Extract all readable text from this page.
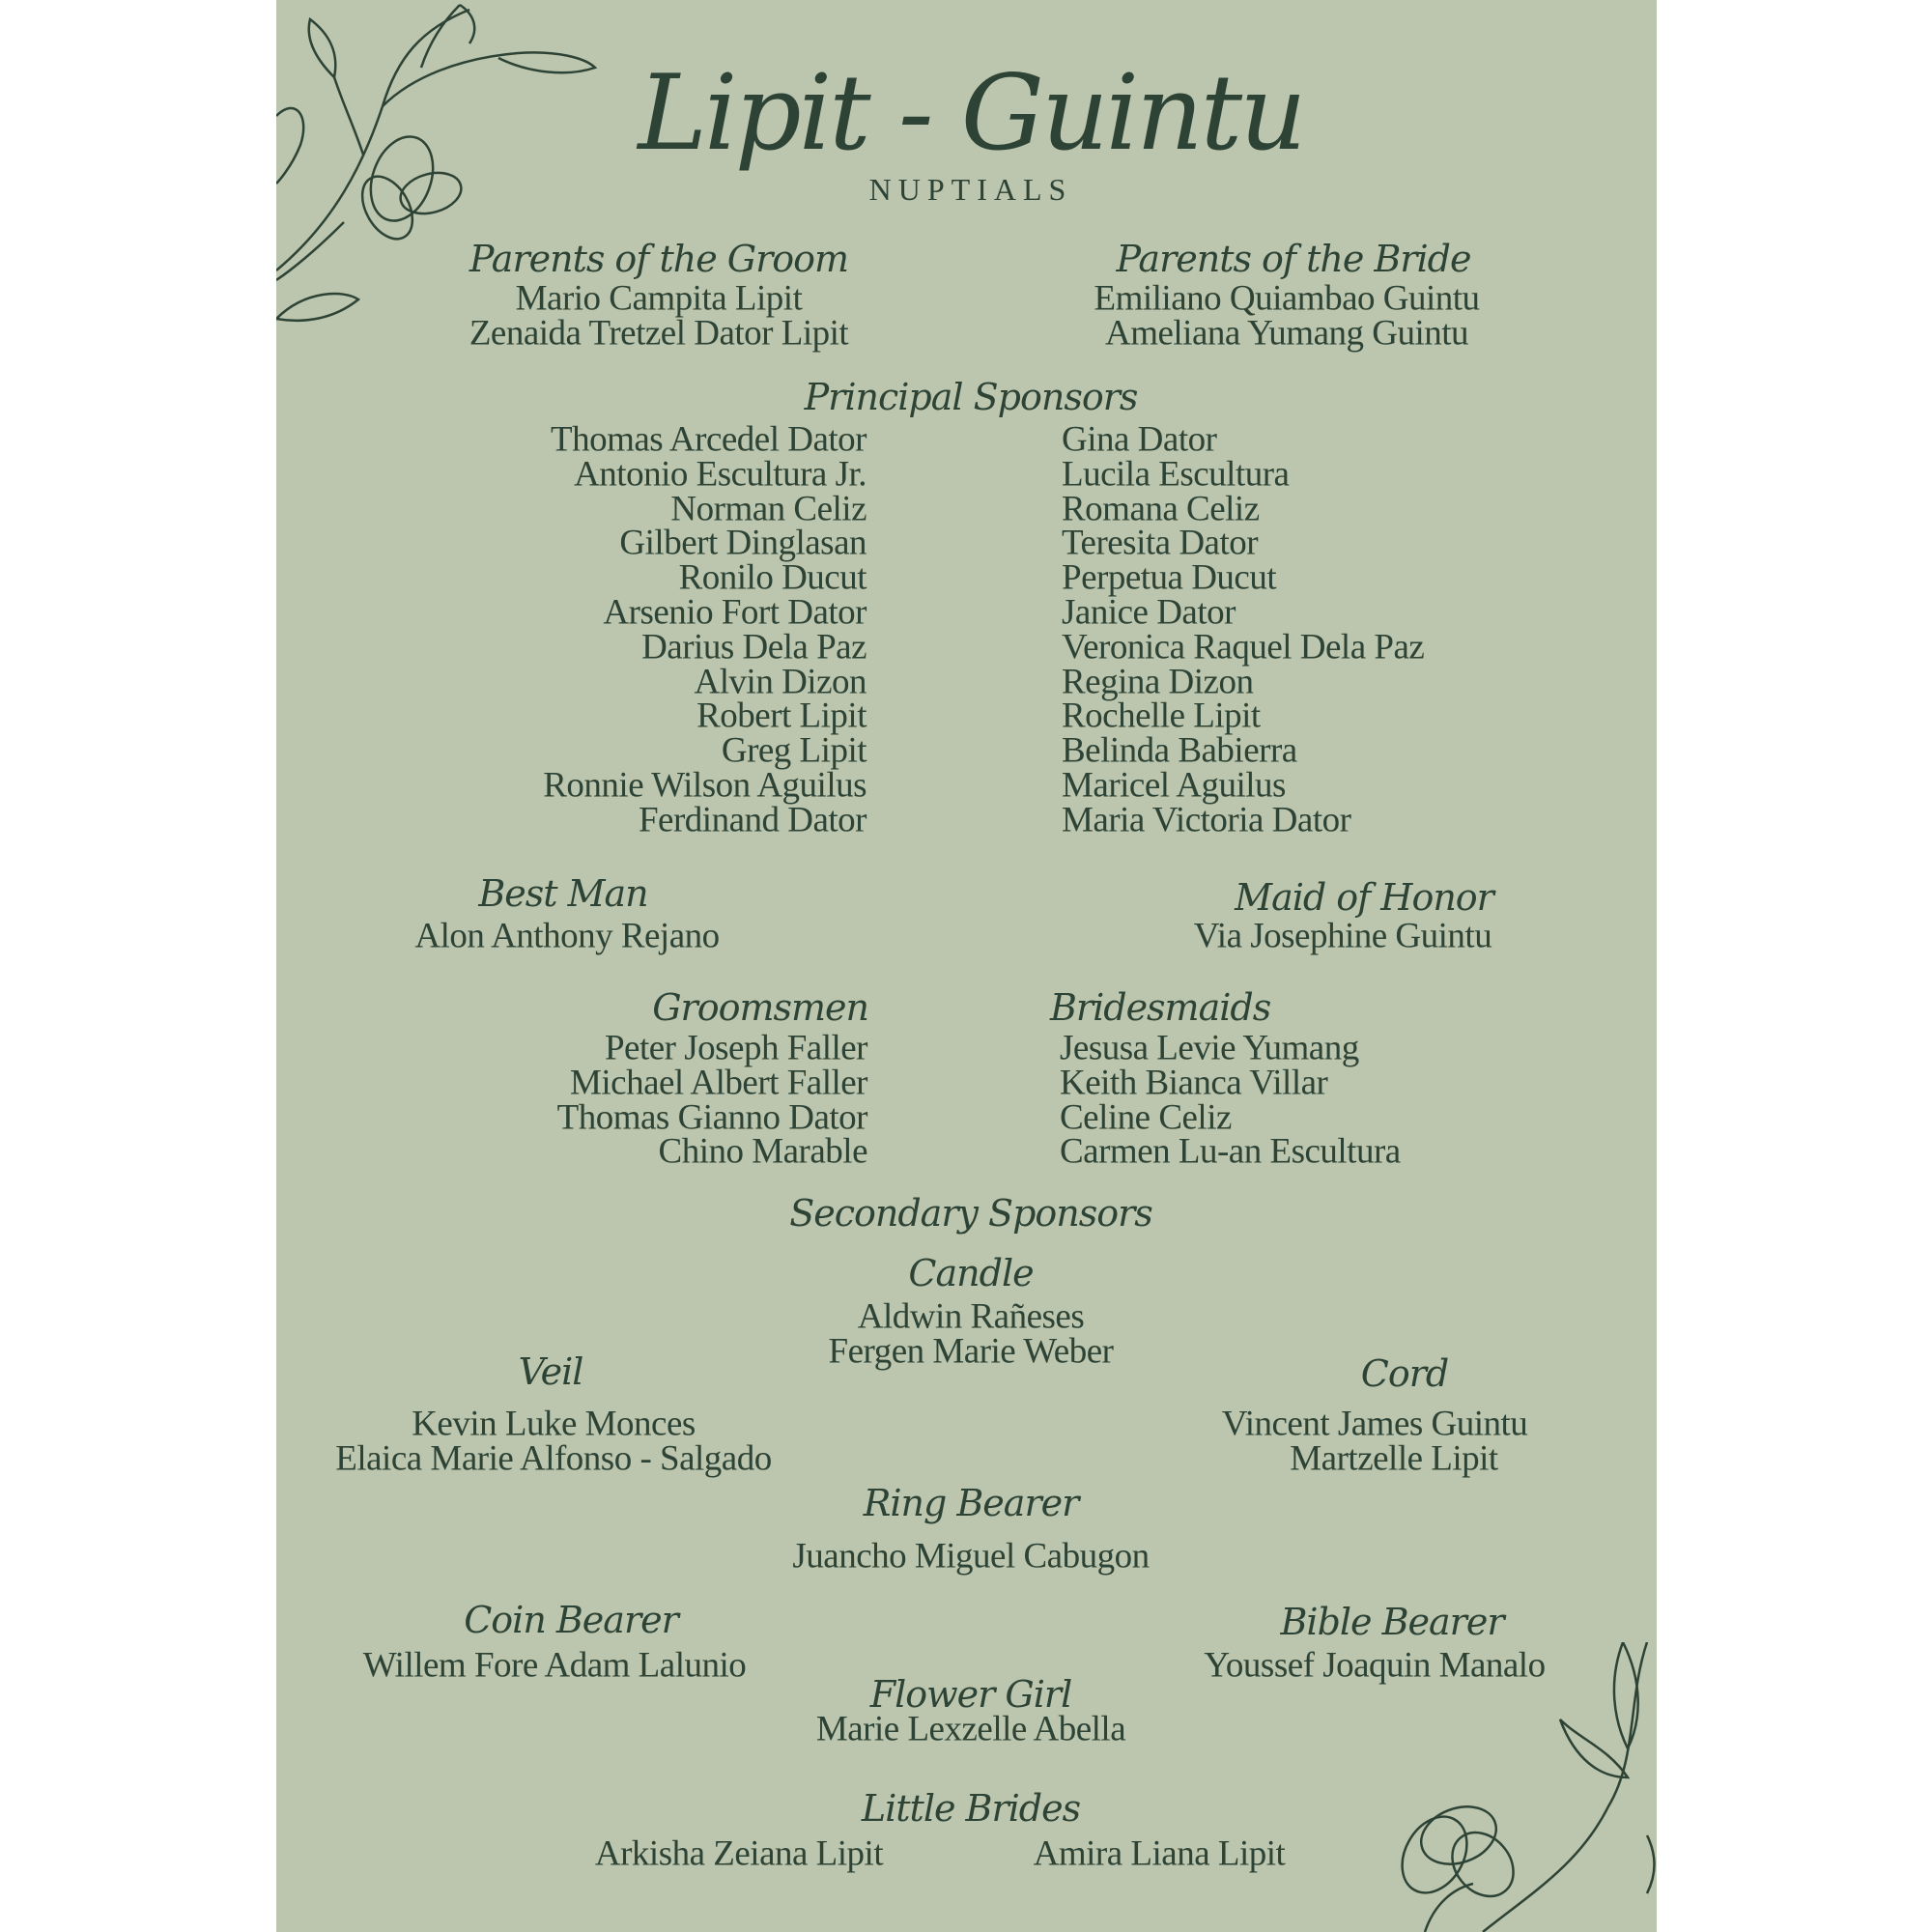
Lipit - Guintu
NUPTIALS
Parents of the Groom
Mario Campita Lipit
Zenaida Tretzel Dator Lipit
Parents of the Bride
Emiliano Quiambao Guintu
Ameliana Yumang Guintu
Principal Sponsors
Thomas Arcedel Dator
Antonio Escultura Jr.
Norman Celiz
Gilbert Dinglasan
Ronilo Ducut
Arsenio Fort Dator
Darius Dela Paz
Alvin Dizon
Robert Lipit
Greg Lipit
Ronnie Wilson Aguilus
Ferdinand Dator
Gina Dator
Lucila Escultura
Romana Celiz
Teresita Dator
Perpetua Ducut
Janice Dator
Veronica Raquel Dela Paz
Regina Dizon
Rochelle Lipit
Belinda Babierra
Maricel Aguilus
Maria Victoria Dator
Best Man
Alon Anthony Rejano
Maid of Honor
Via Josephine Guintu
Groomsmen	Bridesmaids
Peter Joseph Faller
Michael Albert Faller
Thomas Gianno Dator
Chino Marable
Jesusa Levie Yumang
Keith Bianca Villar
Celine Celiz
Carmen Lu-an Escultura
Secondary Sponsors
Candle
Aldwin Rañeses
Fergen Marie Weber
Veil
Kevin Luke Monces
Elaica Marie Alfonso - Salgado
Cord
Vincent James Guintu
Martzelle Lipit
Ring Bearer
Juancho Miguel Cabugon
Coin Bearer
Willem Fore Adam Lalunio
Bible Bearer
Youssef Joaquin Manalo
Flower Girl
Marie Lexzelle Abella
Little Brides
Arkisha Zeiana Lipit	Amira Liana Lipit
